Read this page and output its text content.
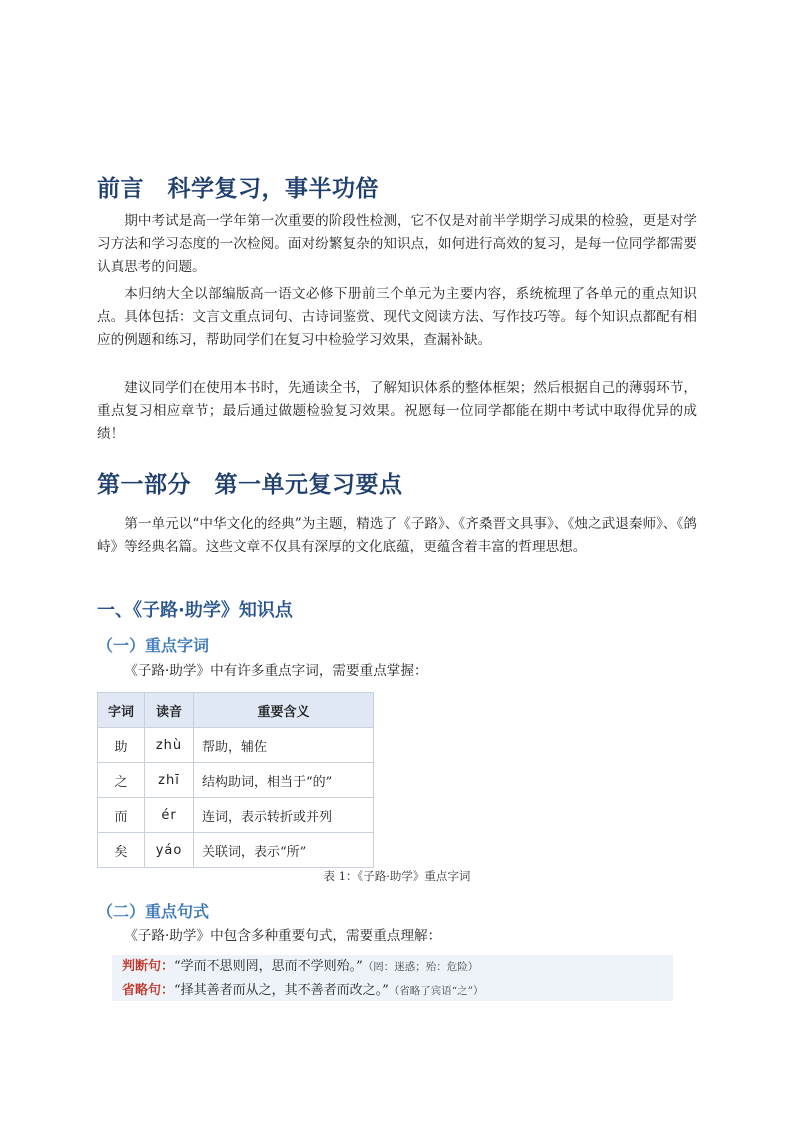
前言　科学复习，事半功倍

期中考试是高一学年第一次重要的阶段性检测，它不仅是对前半学期学习成果的检验，更是对学习方法和学习态度的一次检阅。面对纷繁复杂的知识点，如何进行高效的复习，是每一位同学都需要认真思考的问题。

本归纳大全以部编版高一语文必修下册前三个单元为主要内容，系统梳理了各单元的重点知识点。具体包括：文言文重点词句、古诗词鉴赏、现代文阅读方法、写作技巧等。每个知识点都配有相应的例题和练习，帮助同学们在复习中检验学习效果，查漏补缺。

建议同学们在使用本书时，先通读全书，了解知识体系的整体框架；然后根据自己的薄弱环节，重点复习相应章节；最后通过做题检验复习效果。祝愿每一位同学都能在期中考试中取得优异的成绩！

第一部分　第一单元复习要点

第一单元以“中华文化的经典”为主题，精选了《子路》、《齐桑晋文具事》、《烛之武退秦师》、《鸽峙》等经典名篇。这些文章不仅具有深厚的文化底蕴，更蕴含着丰富的哲理思想。

一、《子路·助学》知识点
（一）重点字词

《子路·助学》中有许多重点字词，需要重点掌握：

字词	读音	重要含义
助	zhù	帮助，辅佐
之	zhī	结构助词，相当于“的”
而	ér	连词，表示转折或并列
矣	yáo	关联词，表示“所”
表 1：《子路·助学》重点字词
（二）重点句式

《子路·助学》中包含多种重要句式，需要重点理解：

判断句：“学而不思则罔，思而不学则殆。”（罔：迷惑；殆：危险）
省略句：“择其善者而从之，其不善者而改之。”（省略了宾语“之”）
